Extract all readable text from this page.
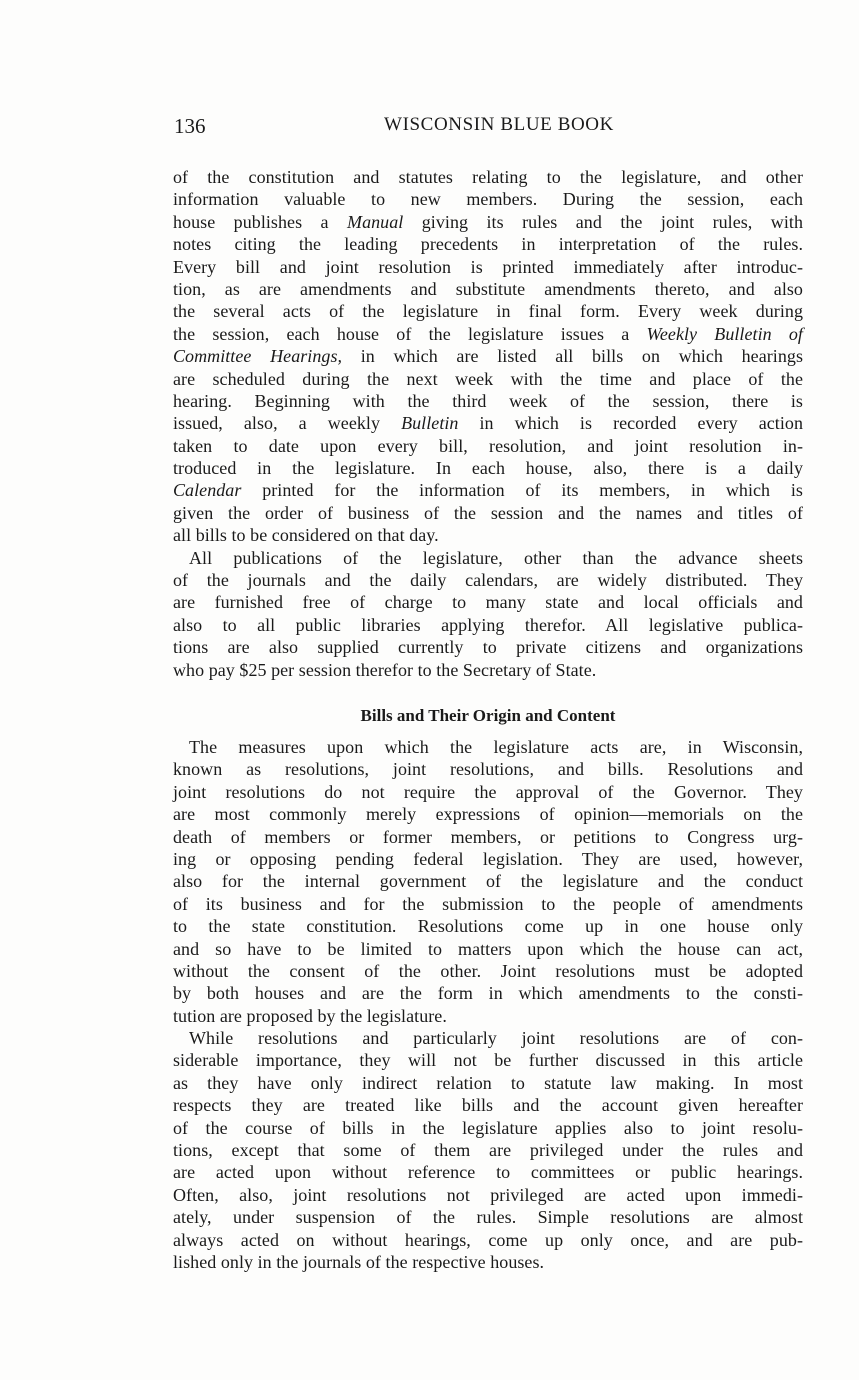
136	WISCONSIN BLUE BOOK
of the constitution and statutes relating to the legislature, and other
information valuable to new members. During the session, each
house publishes a Manual giving its rules and the joint rules, with
notes citing the leading precedents in interpretation of the rules.
Every bill and joint resolution is printed immediately after introduc-
tion, as are amendments and substitute amendments thereto, and also
the several acts of the legislature in final form. Every week during
the session, each house of the legislature issues a Weekly Bulletin of
Committee Hearings, in which are listed all bills on which hearings
are scheduled during the next week with the time and place of the
hearing. Beginning with the third week of the session, there is
issued, also, a weekly Bulletin in which is recorded every action
taken to date upon every bill, resolution, and joint resolution in-
troduced in the legislature. In each house, also, there is a daily
Calendar printed for the information of its members, in which is
given the order of business of the session and the names and titles of
all bills to be considered on that day.
All publications of the legislature, other than the advance sheets
of the journals and the daily calendars, are widely distributed. They
are furnished free of charge to many state and local officials and
also to all public libraries applying therefor. All legislative publica-
tions are also supplied currently to private citizens and organizations
who pay $25 per session therefor to the Secretary of State.
Bills and Their Origin and Content
The measures upon which the legislature acts are, in Wisconsin,
known as resolutions, joint resolutions, and bills. Resolutions and
joint resolutions do not require the approval of the Governor. They
are most commonly merely expressions of opinion—memorials on the
death of members or former members, or petitions to Congress urg-
ing or opposing pending federal legislation. They are used, however,
also for the internal government of the legislature and the conduct
of its business and for the submission to the people of amendments
to the state constitution. Resolutions come up in one house only
and so have to be limited to matters upon which the house can act,
without the consent of the other. Joint resolutions must be adopted
by both houses and are the form in which amendments to the consti-
tution are proposed by the legislature.
While resolutions and particularly joint resolutions are of con-
siderable importance, they will not be further discussed in this article
as they have only indirect relation to statute law making. In most
respects they are treated like bills and the account given hereafter
of the course of bills in the legislature applies also to joint resolu-
tions, except that some of them are privileged under the rules and
are acted upon without reference to committees or public hearings.
Often, also, joint resolutions not privileged are acted upon immedi-
ately, under suspension of the rules. Simple resolutions are almost
always acted on without hearings, come up only once, and are pub-
lished only in the journals of the respective houses.
